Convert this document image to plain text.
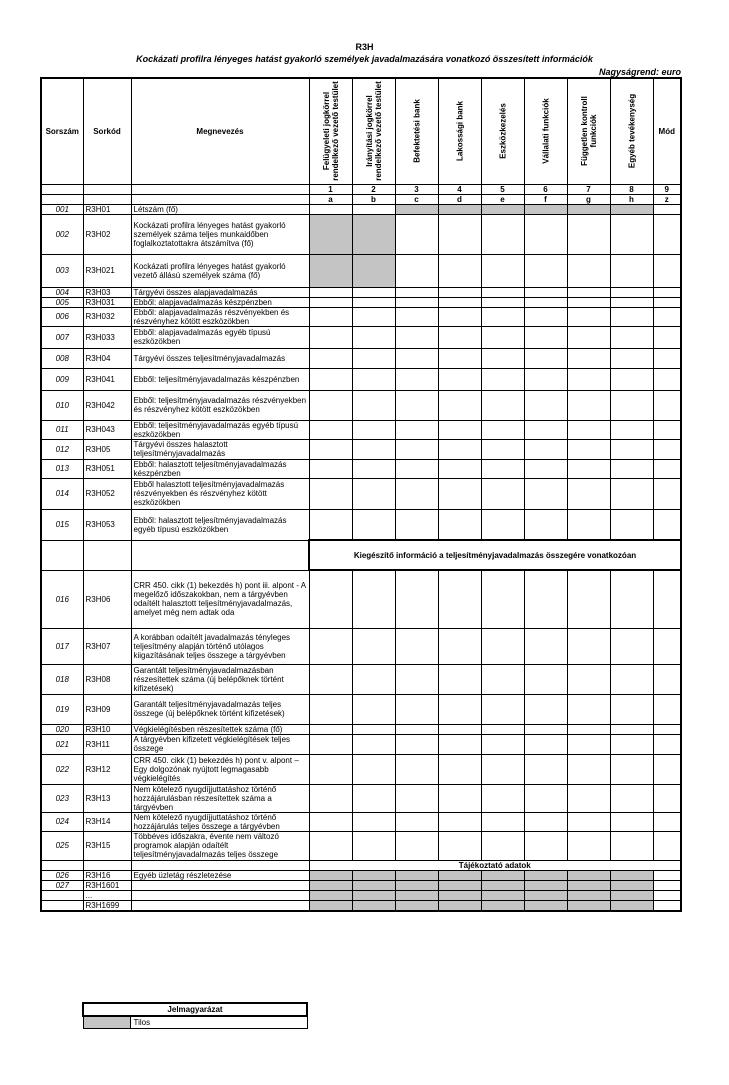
R3H
Kockázati profilra lényeges hatást gyakorló személyek javadalmazására vonatkozó összesített információk
Nagyságrend: euro
Sorszám	Sorkód	Megnevezés	Felügyeleti jogkörrel rendelkező vezető testület	Irányítási jogkörrel rendelkező vezető testület	Befektetési bank	Lakossági bank	Eszközkezelés	Vállalati funkciók	Független kontroll funkciók	Egyéb tevékenység	Mód
			1	2	3	4	5	6	7	8	9
			a	b	c	d	e	f	g	h	z
001	R3H01	Létszám (fő)									
002	R3H02	Kockázati profilra lényeges hatást gyakorló személyek száma teljes munkaidőben foglalkoztatottakra átszámítva (fő)									
003	R3H021	Kockázati profilra lényeges hatást gyakorló vezető állású személyek száma (fő)									
004	R3H03	Tárgyévi összes alapjavadalmazás									
005	R3H031	Ebből: alapjavadalmazás készpénzben									
006	R3H032	Ebből: alapjavadalmazás részvényekben és részvényhez kötött eszközökben									
007	R3H033	Ebből: alapjavadalmazás egyéb típusú eszközökben									
008	R3H04	Tárgyévi összes teljesítményjavadalmazás									
009	R3H041	Ebből: teljesítményjavadalmazás készpénzben									
010	R3H042	Ebből: teljesítményjavadalmazás részvényekben és részvényhez kötött eszközökben									
011	R3H043	Ebből: teljesítményjavadalmazás egyéb típusú eszközökben									
012	R3H05	Tárgyévi összes halasztott teljesítményjavadalmazás									
013	R3H051	Ebből: halasztott teljesítményjavadalmazás készpénzben									
014	R3H052	Ebből halasztott teljesítményjavadalmazás részvényekben és részvényhez kötött eszközökben									
015	R3H053	Ebből: halasztott teljesítményjavadalmazás egyéb típusú eszközökben									
			Kiegészítő információ a teljesítményjavadalmazás összegére vonatkozóan								
016	R3H06	CRR 450. cikk (1) bekezdés h) pont iii. alpont - A megelőző időszakokban, nem a tárgyévben odaítélt halasztott teljesítményjavadalmazás, amelyet még nem adtak oda									
017	R3H07	A korábban odaítélt javadalmazás tényleges teljesítmény alapján történő utólagos kiigazításának teljes összege a tárgyévben									
018	R3H08	Garantált teljesítményjavadalmazásban részesítettek száma (új belépőknek történt kifizetések)									
019	R3H09	Garantált teljesítményjavadalmazás teljes összege (új belépőknek történt kifizetések)									
020	R3H10	Végkielégítésben részesítettek száma (fő)									
021	R3H11	A tárgyévben kifizetett végkielégítések teljes összege									
022	R3H12	CRR 450. cikk (1) bekezdés h) pont v. alpont – Egy dolgozónak nyújtott legmagasabb végkielégítés									
023	R3H13	Nem kötelező nyugdíjjuttatáshoz történő hozzájárulásban részesítettek száma a tárgyévben									
024	R3H14	Nem kötelező nyugdíjjuttatáshoz történő hozzájárulás teljes összege a tárgyévben									
025	R3H15	Többéves időszakra, évente nem változó programok alapján odaítélt teljesítményjavadalmazás teljes összege									
			Tájékoztató adatok								
026	R3H16	Egyéb üzletág részletezése									
027	R3H1601										
	...										
	R3H1699										
Jelmagyarázat
	Tilos
